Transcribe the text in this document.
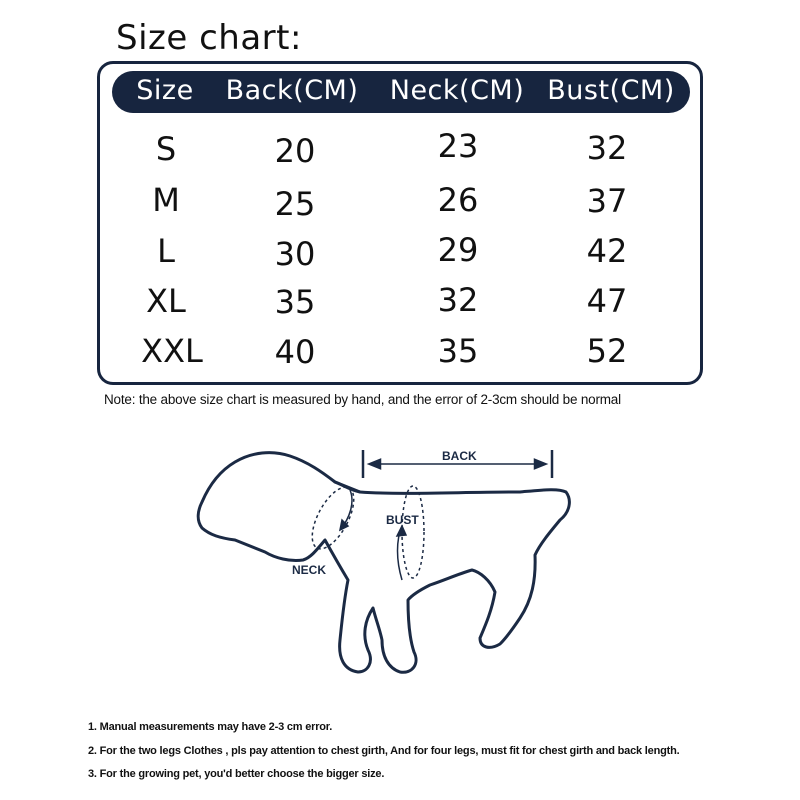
Size chart:
Size Back(CM) Neck(CM) Bust(CM)
S	20	23	32
M	25	26	37
L	30	29	42
XL	35	32	47
XXL 40	35	52
Note: the above size chart is measured by hand, and the error of 2-3cm should be normal
BACK
NECK
BUST
1. Manual measurements may have 2-3 cm error.
2. For the two legs Clothes , pls pay attention to chest girth, And for four legs, must fit for chest girth and back length.
3. For the growing pet, you'd better choose the bigger size.
